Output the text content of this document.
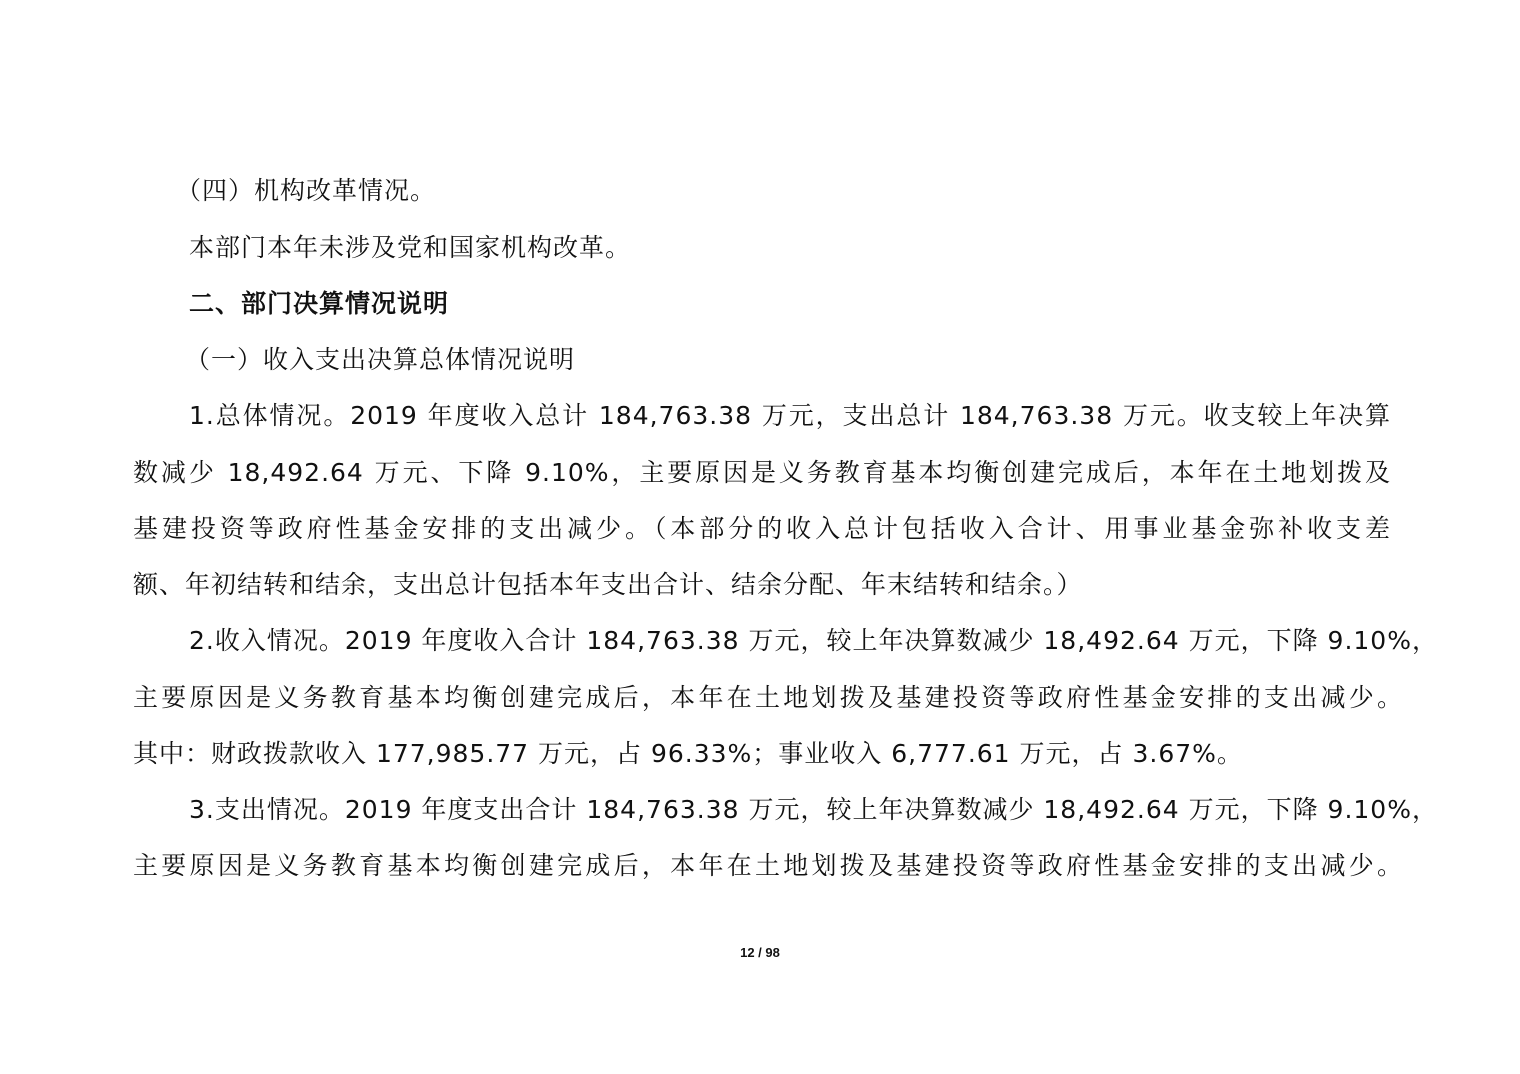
（四）机构改革情况。
本部门本年未涉及党和国家机构改革。
二、部门决算情况说明
（一）收入支出决算总体情况说明
1.总体情况。2019 年度收入总计 184,763.38 万元，支出总计 184,763.38 万元。收支较上年决算
数减少 18,492.64 万元、下降 9.10%，主要原因是义务教育基本均衡创建完成后，本年在土地划拨及
基建投资等政府性基金安排的支出减少。（本部分的收入总计包括收入合计、用事业基金弥补收支差
额、年初结转和结余，支出总计包括本年支出合计、结余分配、年末结转和结余。）
2.收入情况。2019 年度收入合计 184,763.38 万元，较上年决算数减少 18,492.64 万元，下降 9.10%，
主要原因是义务教育基本均衡创建完成后，本年在土地划拨及基建投资等政府性基金安排的支出减少。
其中：财政拨款收入 177,985.77 万元，占 96.33%；事业收入 6,777.61 万元，占 3.67%。
3.支出情况。2019 年度支出合计 184,763.38 万元，较上年决算数减少 18,492.64 万元，下降 9.10%，
主要原因是义务教育基本均衡创建完成后，本年在土地划拨及基建投资等政府性基金安排的支出减少。
12 / 98
